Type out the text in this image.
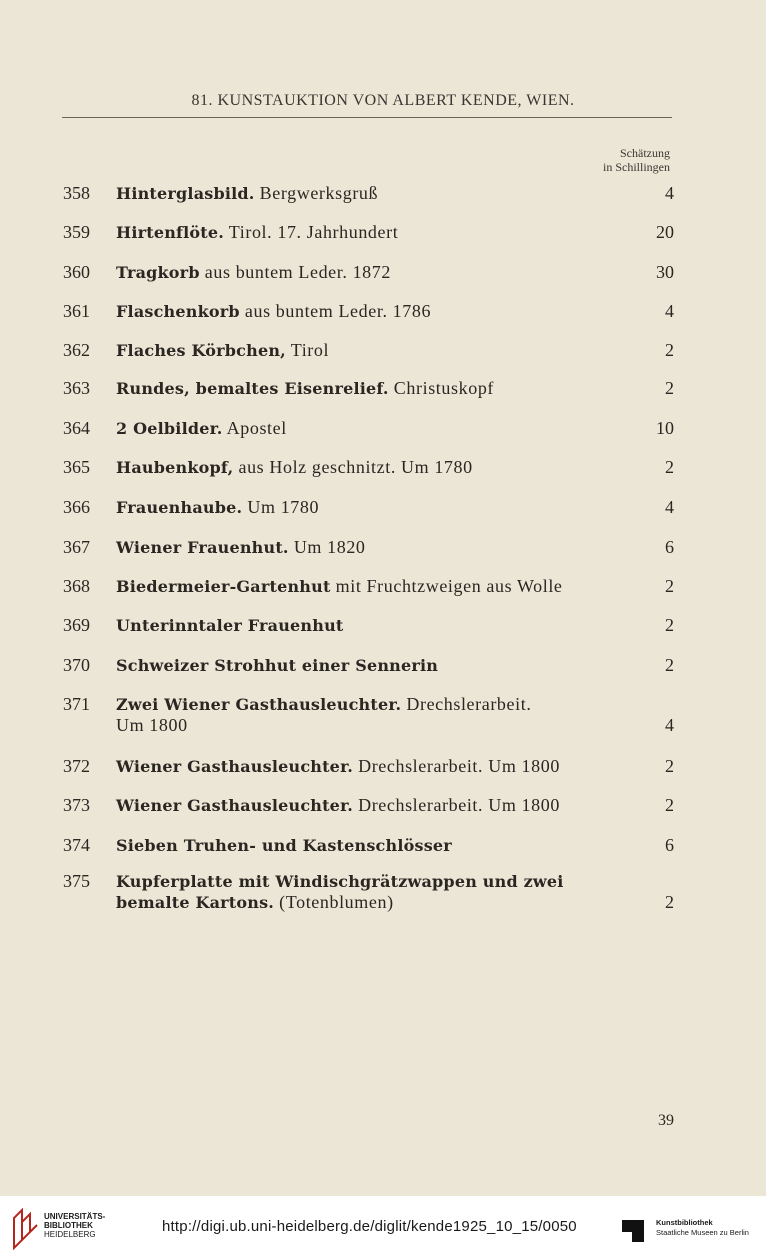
81. KUNSTAUKTION VON ALBERT KENDE, WIEN.
Schätzung
in Schillingen
358	Hinterglasbild. Bergwerksgruß	4
359	Hirtenflöte. Tirol. 17. Jahrhundert	20
360	Tragkorb aus buntem Leder. 1872	30
361	Flaschenkorb aus buntem Leder. 1786	4
362	Flaches Körbchen, Tirol	2
363	Rundes, bemaltes Eisenrelief. Christuskopf	2
364	2 Oelbilder. Apostel	10
365	Haubenkopf, aus Holz geschnitzt. Um 1780	2
366	Frauenhaube. Um 1780	4
367	Wiener Frauenhut. Um 1820	6
368	Biedermeier-Gartenhut mit Fruchtzweigen aus Wolle	2
369	Unterinntaler Frauenhut	2
370	Schweizer Strohhut einer Sennerin	2
371	Zwei Wiener Gasthausleuchter. Drechslerarbeit.
Um 1800	4
372	Wiener Gasthausleuchter. Drechslerarbeit. Um 1800	2
373	Wiener Gasthausleuchter. Drechslerarbeit. Um 1800	2
374	Sieben Truhen- und Kastenschlösser	6
375	Kupferplatte mit Windischgrätzwappen und zwei
bemalte Kartons. (Totenblumen)	2
39
UNIVERSITÄTS-
BIBLIOTHEK
HEIDELBERG	http://digi.ub.uni-heidelberg.de/diglit/kende1925_10_15/0050	Kunstbibliothek
Staatliche Museen zu Berlin
